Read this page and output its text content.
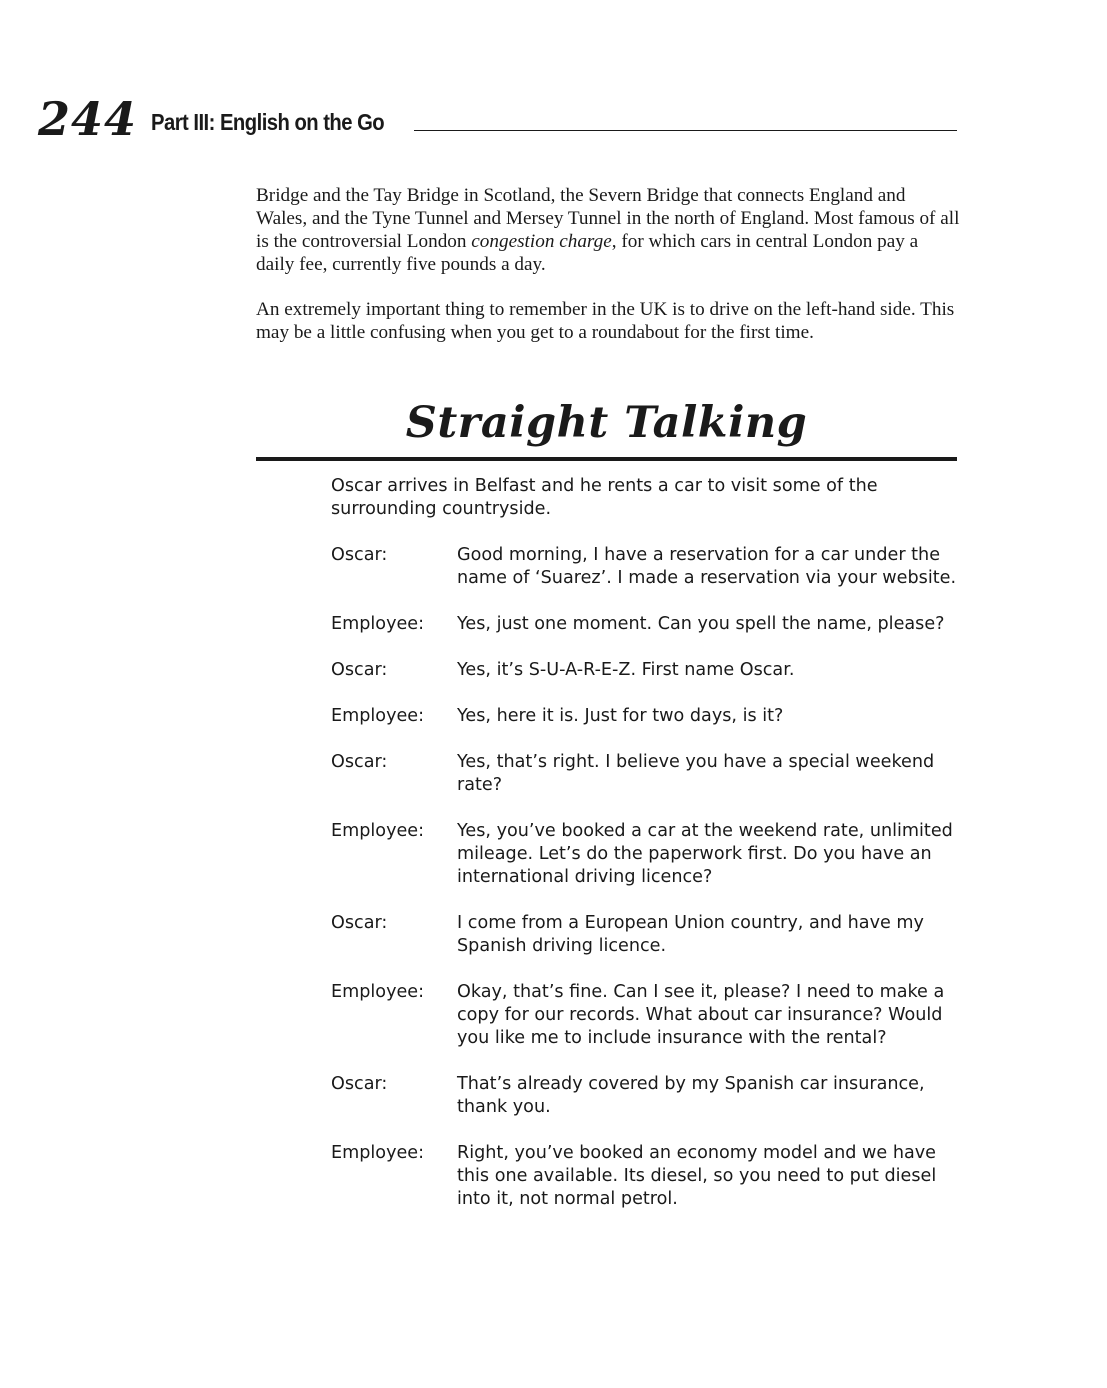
244 Part III: English on the Go

Bridge and the Tay Bridge in Scotland, the Severn Bridge that connects England and Wales, and the Tyne Tunnel and Mersey Tunnel in the north of England. Most famous of all is the controversial London congestion charge, for which cars in central London pay a daily fee, currently five pounds a day.

An extremely important thing to remember in the UK is to drive on the left-hand side. This may be a little confusing when you get to a roundabout for the first time.

Straight Talking

Oscar arrives in Belfast and he rents a car to visit some of the surrounding countryside.

Oscar:	Good morning, I have a reservation for a car under the name of ‘Suarez’. I made a reservation via your website.
Employee:	Yes, just one moment. Can you spell the name, please?
Oscar:	Yes, it’s S-U-A-R-E-Z. First name Oscar.
Employee:	Yes, here it is. Just for two days, is it?
Oscar:	Yes, that’s right. I believe you have a special weekend rate?
Employee:	Yes, you’ve booked a car at the weekend rate, unlimited mileage. Let’s do the paperwork first. Do you have an international driving licence?
Oscar:	I come from a European Union country, and have my Spanish driving licence.
Employee:	Okay, that’s fine. Can I see it, please? I need to make a copy for our records. What about car insurance? Would you like me to include insurance with the rental?
Oscar:	That’s already covered by my Spanish car insurance, thank you.
Employee:	Right, you’ve booked an economy model and we have this one available. Its diesel, so you need to put diesel into it, not normal petrol.
